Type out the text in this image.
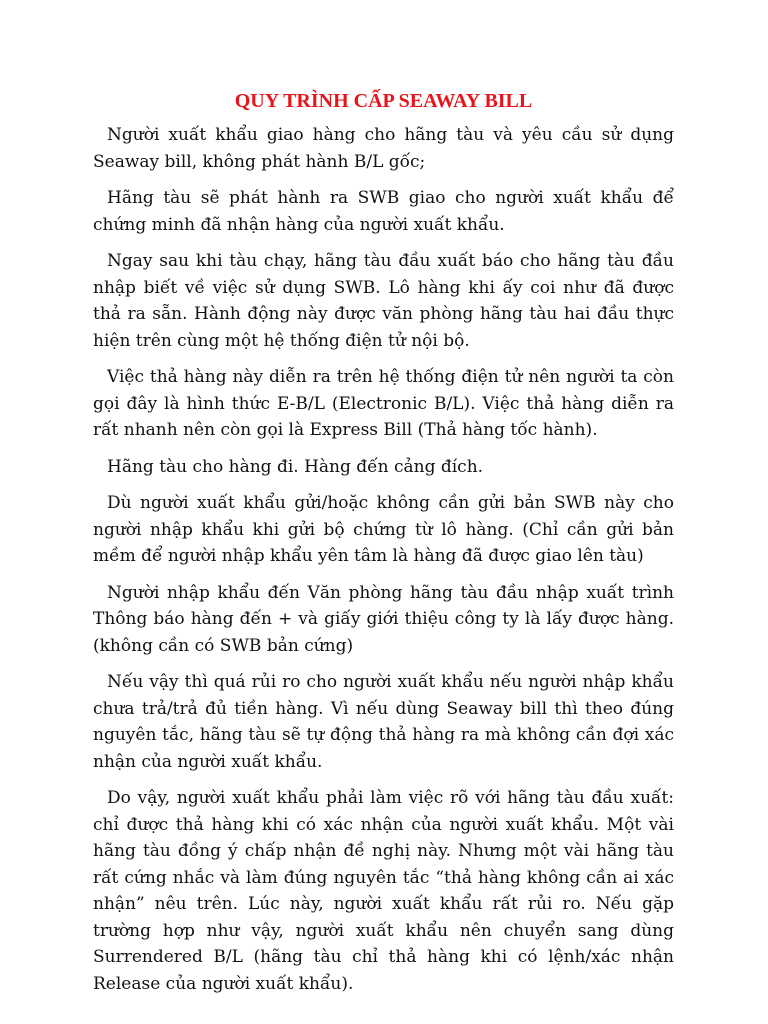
QUY TRÌNH CẤP SEAWAY BILL

Người xuất khẩu giao hàng cho hãng tàu và yêu cầu sử dụng Seaway bill, không phát hành B/L gốc;

Hãng tàu sẽ phát hành ra SWB giao cho người xuất khẩu để chứng minh đã nhận hàng của người xuất khẩu.

Ngay sau khi tàu chạy, hãng tàu đầu xuất báo cho hãng tàu đầu nhập biết về việc sử dụng SWB. Lô hàng khi ấy coi như đã được thả ra sẵn. Hành động này được văn phòng hãng tàu hai đầu thực hiện trên cùng một hệ thống điện tử nội bộ.

Việc thả hàng này diễn ra trên hệ thống điện tử nên người ta còn gọi đây là hình thức E-B/L (Electronic B/L). Việc thả hàng diễn ra rất nhanh nên còn gọi là Express Bill (Thả hàng tốc hành).

Hãng tàu cho hàng đi. Hàng đến cảng đích.

Dù người xuất khẩu gửi/hoặc không cần gửi bản SWB này cho người nhập khẩu khi gửi bộ chứng từ lô hàng. (Chỉ cần gửi bản mềm để người nhập khẩu yên tâm là hàng đã được giao lên tàu)

Người nhập khẩu đến Văn phòng hãng tàu đầu nhập xuất trình Thông báo hàng đến + và giấy giới thiệu công ty là lấy được hàng. (không cần có SWB bản cứng)

Nếu vậy thì quá rủi ro cho người xuất khẩu nếu người nhập khẩu chưa trả/trả đủ tiền hàng. Vì nếu dùng Seaway bill thì theo đúng nguyên tắc, hãng tàu sẽ tự động thả hàng ra mà không cần đợi xác nhận của người xuất khẩu.

Do vậy, người xuất khẩu phải làm việc rõ với hãng tàu đầu xuất: chỉ được thả hàng khi có xác nhận của người xuất khẩu. Một vài hãng tàu đồng ý chấp nhận đề nghị này. Nhưng một vài hãng tàu rất cứng nhắc và làm đúng nguyên tắc “thả hàng không cần ai xác nhận” nêu trên. Lúc này, người xuất khẩu rất rủi ro. Nếu gặp trường hợp như vậy, người xuất khẩu nên chuyển sang dùng Surrendered B/L (hãng tàu chỉ thả hàng khi có lệnh/xác nhận Release của người xuất khẩu).
